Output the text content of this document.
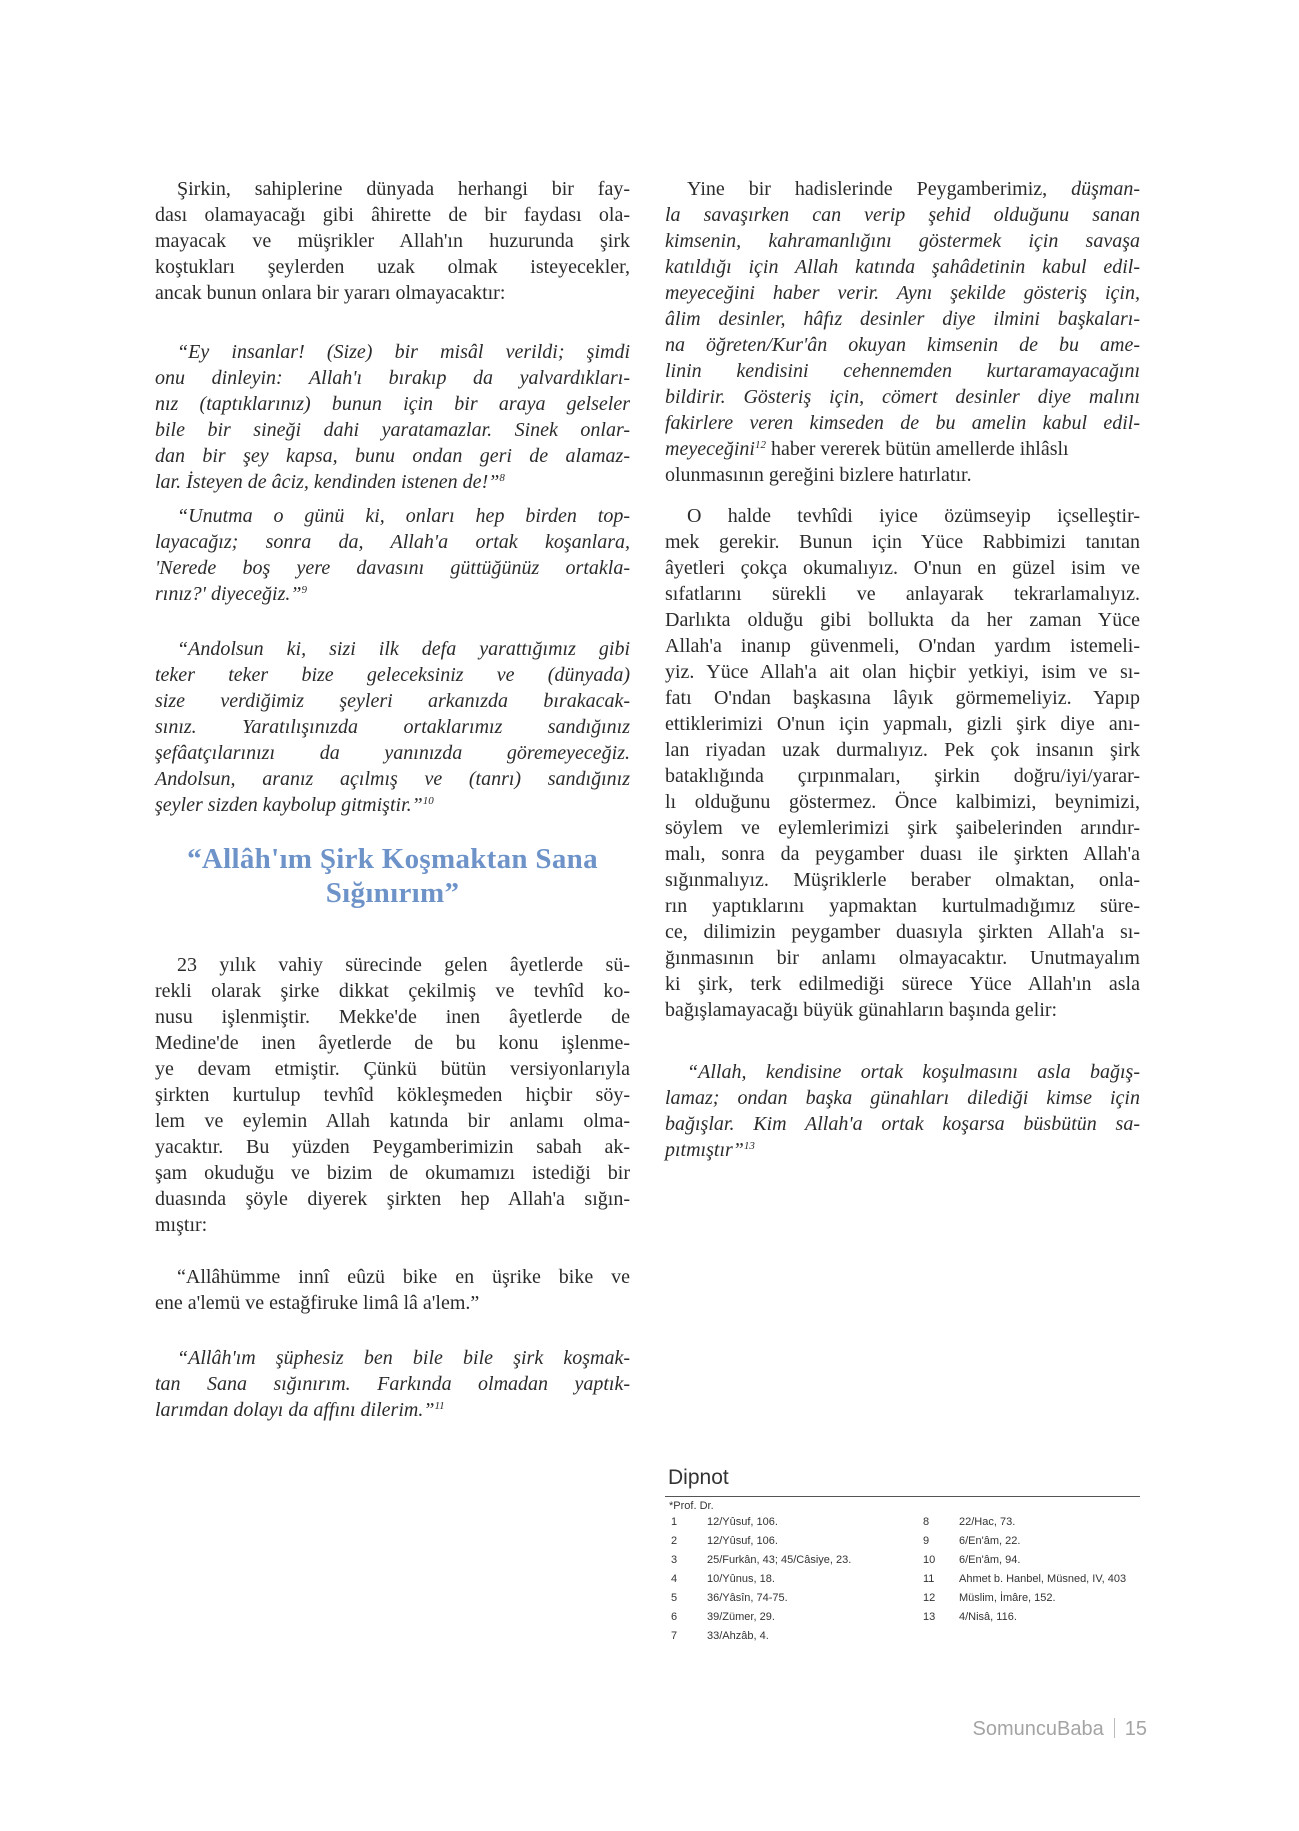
Şirkin, sahiplerine dünyada herhangi bir fay-
dası olamayacağı gibi âhirette de bir faydası ola-
mayacak ve müşrikler Allah'ın huzurunda şirk
koştukları şeylerden uzak olmak isteyecekler,
ancak bunun onlara bir yararı olmayacaktır:
“Ey insanlar! (Size) bir misâl verildi; şimdi
onu dinleyin: Allah'ı bırakıp da yalvardıkları-
nız (taptıklarınız) bunun için bir araya gelseler
bile bir sineği dahi yaratamazlar. Sinek onlar-
dan bir şey kapsa, bunu ondan geri de alamaz-
lar. İsteyen de âciz, kendinden istenen de!”$^8$
“Unutma o günü ki, onları hep birden top-
layacağız; sonra da, Allah'a ortak koşanlara,
'Nerede boş yere davasını güttüğünüz ortakla-
rınız?' diyeceğiz.”$^9$
“Andolsun ki, sizi ilk defa yarattığımız gibi
teker teker bize geleceksiniz ve (dünyada)
size verdiğimiz şeyleri arkanızda bırakacak-
sınız. Yaratılışınızda ortaklarımız sandığınız
şefâatçılarınızı da yanınızda göremeyeceğiz.
Andolsun, aranız açılmış ve (tanrı) sandığınız
şeyler sizden kaybolup gitmiştir.”$^{10}$
“Allâh'ım Şirk Koşmaktan Sana
Sığınırım”
23 yılık vahiy sürecinde gelen âyetlerde sü-
rekli olarak şirke dikkat çekilmiş ve tevhîd ko-
nusu işlenmiştir. Mekke'de inen âyetlerde de
Medine'de inen âyetlerde de bu konu işlenme-
ye devam etmiştir. Çünkü bütün versiyonlarıyla
şirkten kurtulup tevhîd kökleşmeden hiçbir söy-
lem ve eylemin Allah katında bir anlamı olma-
yacaktır. Bu yüzden Peygamberimizin sabah ak-
şam okuduğu ve bizim de okumamızı istediği bir
duasında şöyle diyerek şirkten hep Allah'a sığın-
mıştır:
“Allâhümme innî eûzü bike en üşrike bike ve
ene a'lemü ve estağfiruke limâ lâ a'lem.”
“Allâh'ım şüphesiz ben bile bile şirk koşmak-
tan Sana sığınırım. Farkında olmadan yaptık-
larımdan dolayı da affını dilerim.”$^{11}$
Yine bir hadislerinde Peygamberimiz, düşman-
la savaşırken can verip şehid olduğunu sanan
kimsenin, kahramanlığını göstermek için savaşa
katıldığı için Allah katında şahâdetinin kabul edil-
meyeceğini haber verir. Aynı şekilde gösteriş için,
âlim desinler, hâfız desinler diye ilmini başkaları-
na öğreten/Kur'ân okuyan kimsenin de bu ame-
linin kendisini cehennemden kurtaramayacağını
bildirir. Gösteriş için, cömert desinler diye malını
fakirlere veren kimseden de bu amelin kabul edil-
meyeceğini$^{12}$ haber vererek bütün amellerde ihlâslı
olunmasının gereğini bizlere hatırlatır.
O halde tevhîdi iyice özümseyip içselleştir-
mek gerekir. Bunun için Yüce Rabbimizi tanıtan
âyetleri çokça okumalıyız. O'nun en güzel isim ve
sıfatlarını sürekli ve anlayarak tekrarlamalıyız.
Darlıkta olduğu gibi bollukta da her zaman Yüce
Allah'a inanıp güvenmeli, O'ndan yardım istemeli-
yiz. Yüce Allah'a ait olan hiçbir yetkiyi, isim ve sı-
fatı O'ndan başkasına lâyık görmemeliyiz. Yapıp
ettiklerimizi O'nun için yapmalı, gizli şirk diye anı-
lan riyadan uzak durmalıyız. Pek çok insanın şirk
bataklığında çırpınmaları, şirkin doğru/iyi/yarar-
lı olduğunu göstermez. Önce kalbimizi, beynimizi,
söylem ve eylemlerimizi şirk şaibelerinden arındır-
malı, sonra da peygamber duası ile şirkten Allah'a
sığınmalıyız. Müşriklerle beraber olmaktan, onla-
rın yaptıklarını yapmaktan kurtulmadığımız süre-
ce, dilimizin peygamber duasıyla şirkten Allah'a sı-
ğınmasının bir anlamı olmayacaktır. Unutmayalım
ki şirk, terk edilmediği sürece Yüce Allah'ın asla
bağışlamayacağı büyük günahların başında gelir:
“Allah, kendisine ortak koşulmasını asla bağış-
lamaz; ondan başka günahları dilediği kimse için
bağışlar. Kim Allah'a ortak koşarsa büsbütün sa-
pıtmıştır”$^{13}$
Dipnot
*Prof. Dr.
1	12/Yûsuf, 106.
2	12/Yûsuf, 106.
3	25/Furkân, 43; 45/Câsiye, 23.
4	10/Yûnus, 18.
5	36/Yâsîn, 74-75.
6	39/Zümer, 29.
7	33/Ahzâb, 4.
8	22/Hac, 73.
9	6/En'âm, 22.
10 6/En'âm, 94.
11 Ahmet b. Hanbel, Müsned, IV, 403
12 Müslim, İmâre, 152.
13 4/Nisâ, 116.
SomuncuBaba 15
